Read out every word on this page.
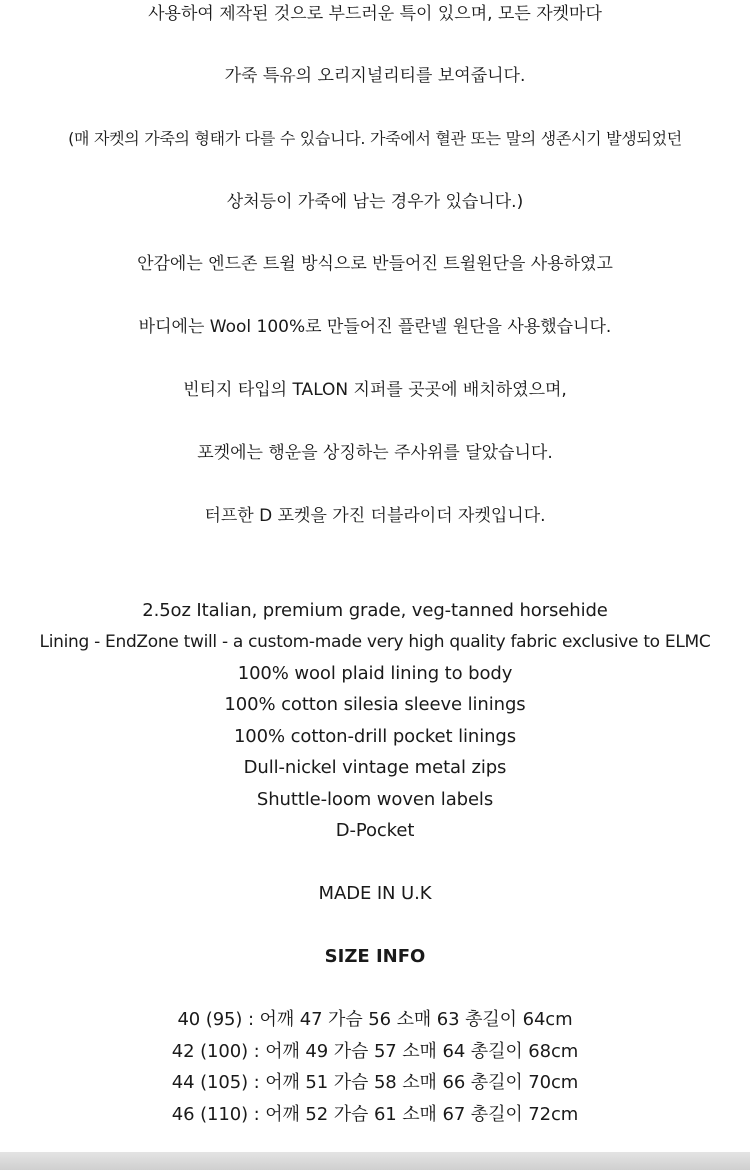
사용하여 제작된 것으로 부드러운 특이 있으며, 모든 자켓마다
가죽 특유의 오리지널리티를 보여줍니다.
(매 자켓의 가죽의 형태가 다를 수 있습니다. 가죽에서 혈관 또는 말의 생존시기 발생되었던
상처등이 가죽에 남는 경우가 있습니다.)
안감에는 엔드존 트윌 방식으로 반들어진 트윌원단을 사용하였고
바디에는 Wool 100%로 만들어진 플란넬 원단을 사용했습니다.
빈티지 타입의 TALON 지퍼를 곳곳에 배치하였으며,
포켓에는 행운을 상징하는 주사위를 달았습니다.
터프한 D 포켓을 가진 더블라이더 자켓입니다.
2.5oz Italian, premium grade, veg-tanned horsehide
Lining - EndZone twill - a custom-made very high quality fabric exclusive to ELMC
100% wool plaid lining to body
100% cotton silesia sleeve linings
100% cotton-drill pocket linings
Dull-nickel vintage metal zips
Shuttle-loom woven labels
D-Pocket
MADE IN U.K
SIZE INFO
40 (95) : 어깨 47 가슴 56 소매 63 총길이 64cm
42 (100) : 어깨 49 가슴 57 소매 64 총길이 68cm
44 (105) : 어깨 51 가슴 58 소매 66 총길이 70cm
46 (110) : 어깨 52 가슴 61 소매 67 총길이 72cm
